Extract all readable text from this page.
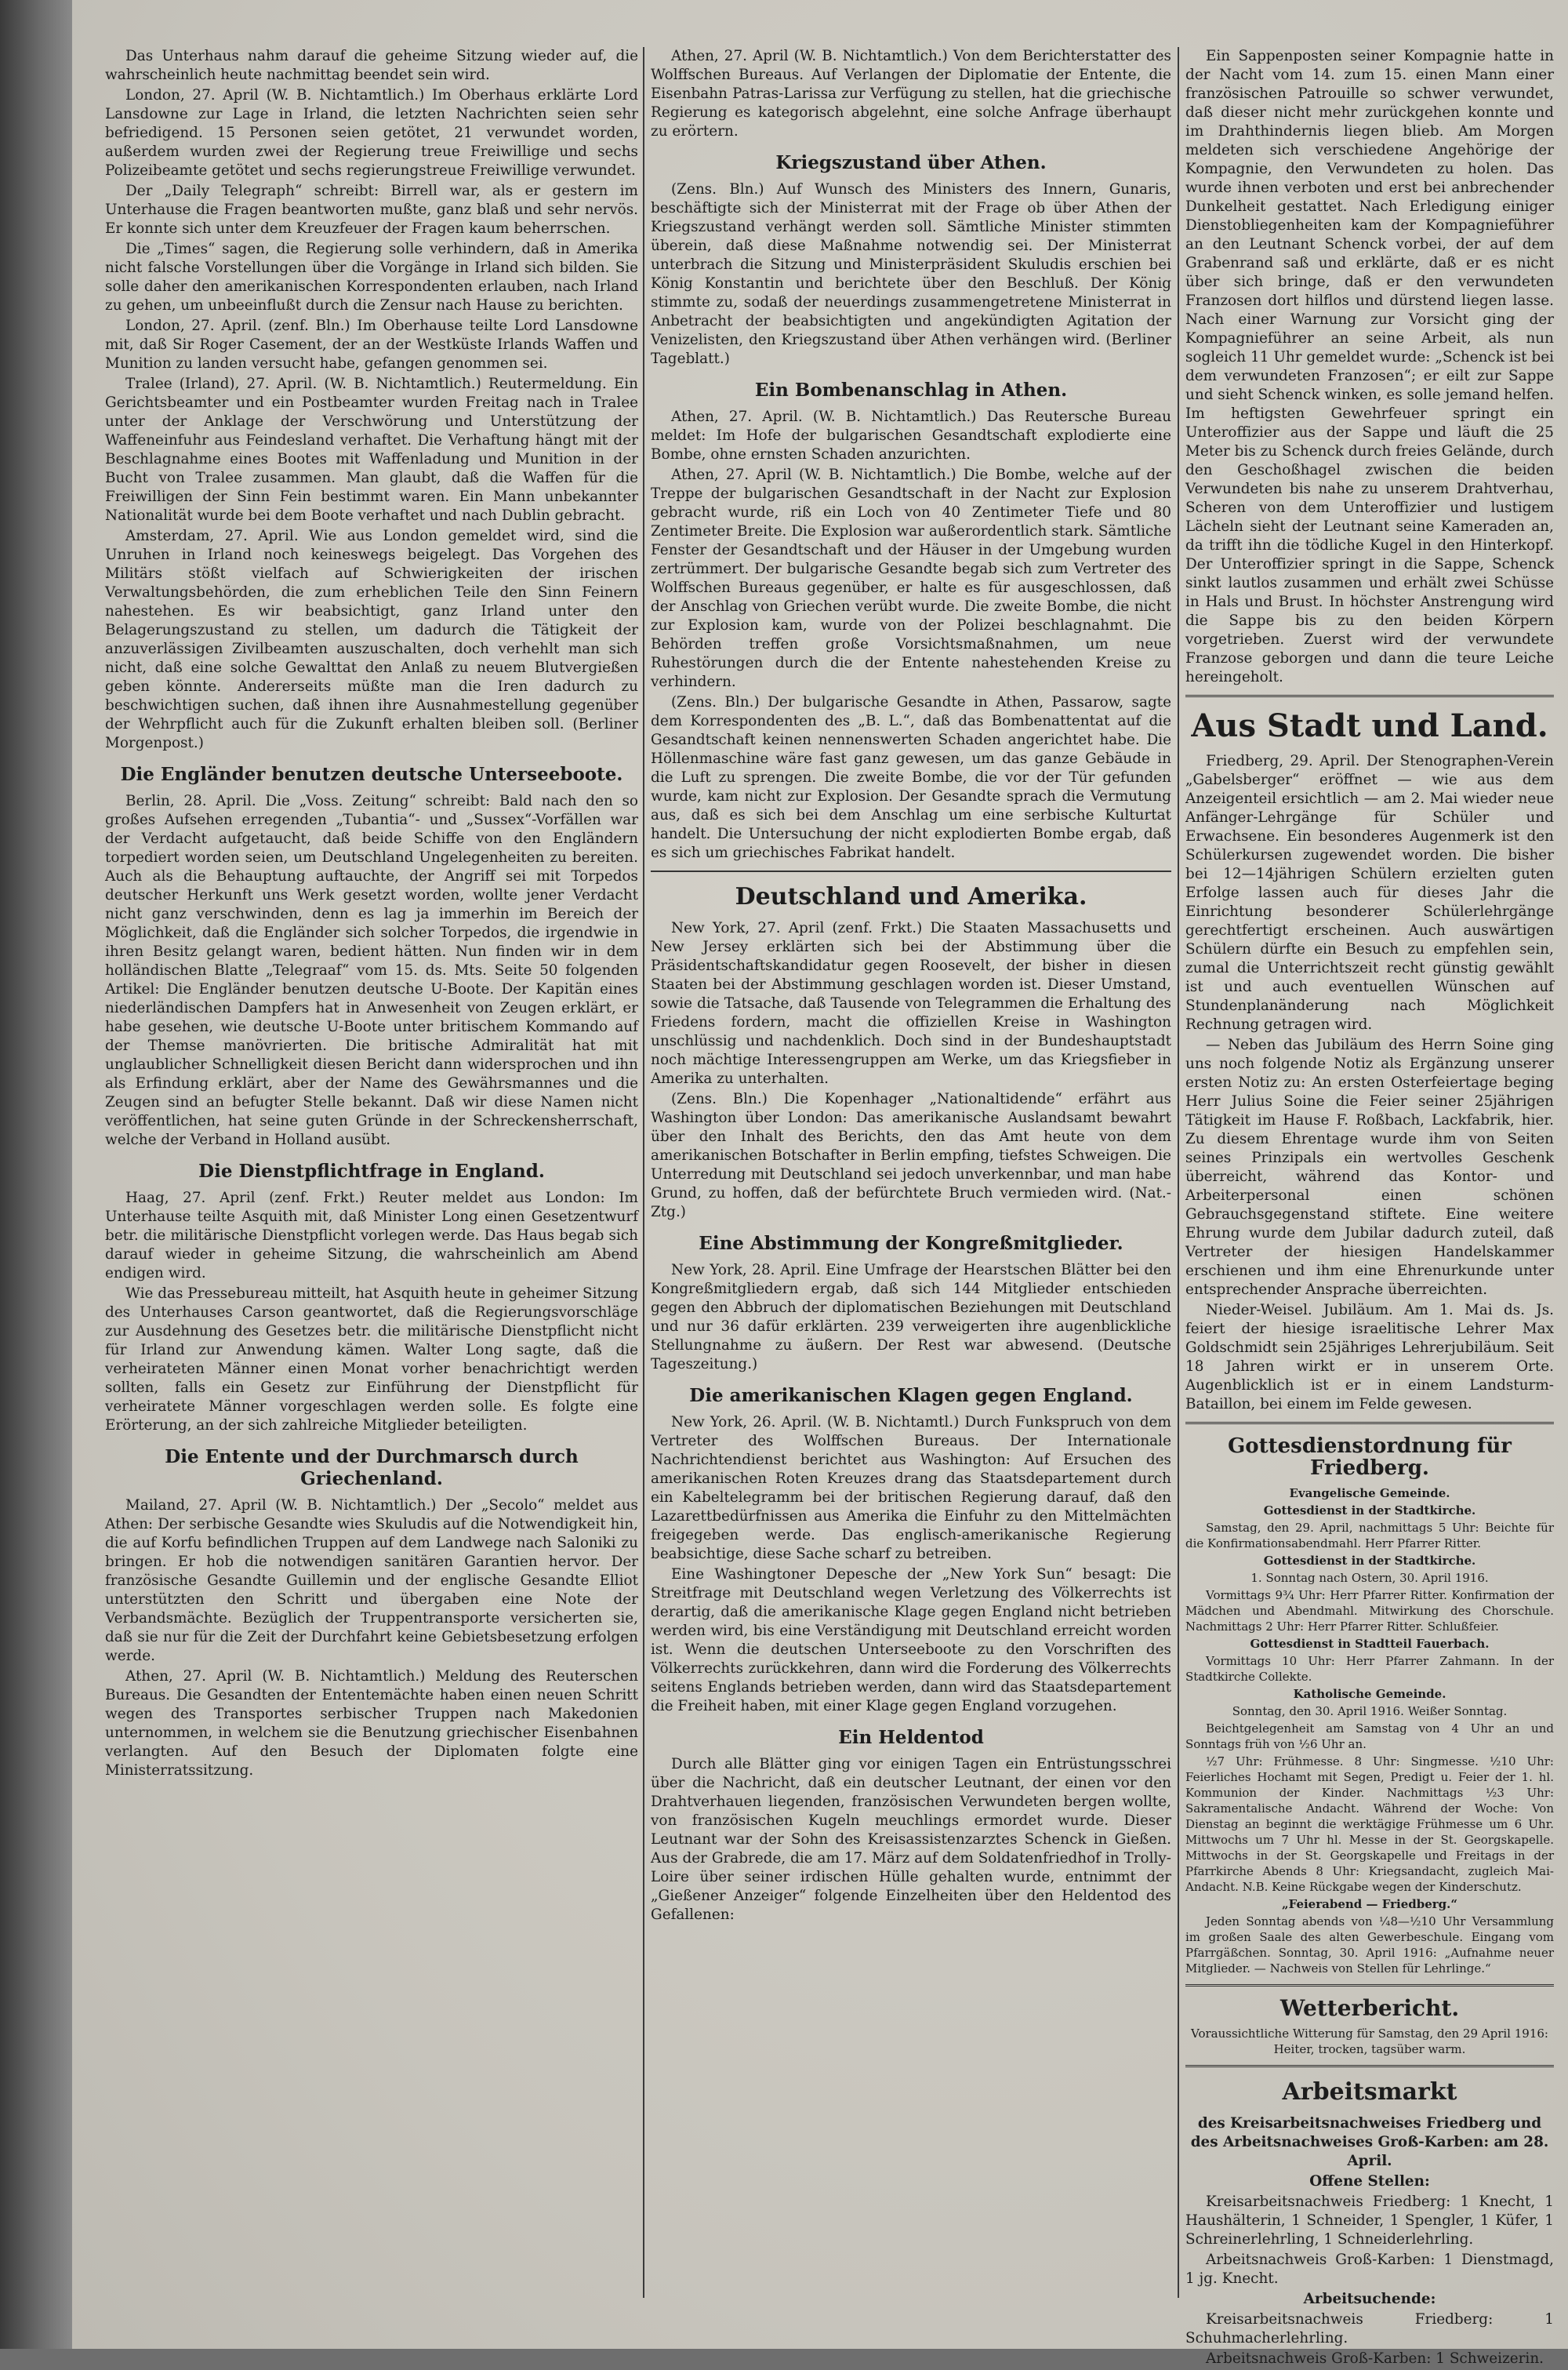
Das Unterhaus nahm darauf die geheime Sitzung wieder auf, die wahrscheinlich heute nachmittag beendet sein wird.

London, 27. April (W. B. Nichtamtlich.) Im Oberhaus erklärte Lord Lansdowne zur Lage in Irland, die letzten Nachrichten seien sehr befriedigend. 15 Personen seien getötet, 21 verwundet worden, außerdem wurden zwei der Regierung treue Freiwillige und sechs Polizeibeamte getötet und sechs regierungstreue Freiwillige verwundet.

Der „Daily Telegraph“ schreibt: Birrell war, als er gestern im Unterhause die Fragen beantworten mußte, ganz blaß und sehr nervös. Er konnte sich unter dem Kreuzfeuer der Fragen kaum beherrschen.

Die „Times“ sagen, die Regierung solle verhindern, daß in Amerika nicht falsche Vorstellungen über die Vorgänge in Irland sich bilden. Sie solle daher den amerikanischen Korrespondenten erlauben, nach Irland zu gehen, um unbeeinflußt durch die Zensur nach Hause zu berichten.

London, 27. April. (zenf. Bln.) Im Oberhause teilte Lord Lansdowne mit, daß Sir Roger Casement, der an der Westküste Irlands Waffen und Munition zu landen versucht habe, gefangen genommen sei.

Tralee (Irland), 27. April. (W. B. Nichtamtlich.) Reutermeldung. Ein Gerichtsbeamter und ein Postbeamter wurden Freitag nach in Tralee unter der Anklage der Verschwörung und Unterstützung der Waffeneinfuhr aus Feindesland verhaftet. Die Verhaftung hängt mit der Beschlagnahme eines Bootes mit Waffenladung und Munition in der Bucht von Tralee zusammen. Man glaubt, daß die Waffen für die Freiwilligen der Sinn Fein bestimmt waren. Ein Mann unbekannter Nationalität wurde bei dem Boote verhaftet und nach Dublin gebracht.

Amsterdam, 27. April. Wie aus London gemeldet wird, sind die Unruhen in Irland noch keineswegs beigelegt. Das Vorgehen des Militärs stößt vielfach auf Schwierigkeiten der irischen Verwaltungsbehörden, die zum erheblichen Teile den Sinn Feinern nahestehen. Es wir beabsichtigt, ganz Irland unter den Belagerungszustand zu stellen, um dadurch die Tätigkeit der anzuverlässigen Zivilbeamten auszuschalten, doch verhehlt man sich nicht, daß eine solche Gewalttat den Anlaß zu neuem Blutvergießen geben könnte. Andererseits müßte man die Iren dadurch zu beschwichtigen suchen, daß ihnen ihre Ausnahmestellung gegenüber der Wehrpflicht auch für die Zukunft erhalten bleiben soll. (Berliner Morgenpost.)

Die Engländer benutzen deutsche Unterseeboote.

Berlin, 28. April. Die „Voss. Zeitung“ schreibt: Bald nach den so großes Aufsehen erregenden „Tubantia“- und „Sussex“-Vorfällen war der Verdacht aufgetaucht, daß beide Schiffe von den Engländern torpediert worden seien, um Deutschland Ungelegenheiten zu bereiten. Auch als die Behauptung auftauchte, der Angriff sei mit Torpedos deutscher Herkunft uns Werk gesetzt worden, wollte jener Verdacht nicht ganz verschwinden, denn es lag ja immerhin im Bereich der Möglichkeit, daß die Engländer sich solcher Torpedos, die irgendwie in ihren Besitz gelangt waren, bedient hätten. Nun finden wir in dem holländischen Blatte „Telegraaf“ vom 15. ds. Mts. Seite 50 folgenden Artikel: Die Engländer benutzen deutsche U-Boote. Der Kapitän eines niederländischen Dampfers hat in Anwesenheit von Zeugen erklärt, er habe gesehen, wie deutsche U-Boote unter britischem Kommando auf der Themse manövrierten. Die britische Admiralität hat mit unglaublicher Schnelligkeit diesen Bericht dann widersprochen und ihn als Erfindung erklärt, aber der Name des Gewährsmannes und die Zeugen sind an befugter Stelle bekannt. Daß wir diese Namen nicht veröffentlichen, hat seine guten Gründe in der Schreckensherrschaft, welche der Verband in Holland ausübt.

Die Dienstpflichtfrage in England.

Haag, 27. April (zenf. Frkt.) Reuter meldet aus London: Im Unterhause teilte Asquith mit, daß Minister Long einen Gesetzentwurf betr. die militärische Dienstpflicht vorlegen werde. Das Haus begab sich darauf wieder in geheime Sitzung, die wahrscheinlich am Abend endigen wird.

Wie das Pressebureau mitteilt, hat Asquith heute in geheimer Sitzung des Unterhauses Carson geantwortet, daß die Regierungsvorschläge zur Ausdehnung des Gesetzes betr. die militärische Dienstpflicht nicht für Irland zur Anwendung kämen. Walter Long sagte, daß die verheirateten Männer einen Monat vorher benachrichtigt werden sollten, falls ein Gesetz zur Einführung der Dienstpflicht für verheiratete Männer vorgeschlagen werden solle. Es folgte eine Erörterung, an der sich zahlreiche Mitglieder beteiligten.

Die Entente und der Durchmarsch durch Griechenland.

Mailand, 27. April (W. B. Nichtamtlich.) Der „Secolo“ meldet aus Athen: Der serbische Gesandte wies Skuludis auf die Notwendigkeit hin, die auf Korfu befindlichen Truppen auf dem Landwege nach Saloniki zu bringen. Er hob die notwendigen sanitären Garantien hervor. Der französische Gesandte Guillemin und der englische Gesandte Elliot unterstützten den Schritt und übergaben eine Note der Verbandsmächte. Bezüglich der Truppentransporte versicherten sie, daß sie nur für die Zeit der Durchfahrt keine Gebietsbesetzung erfolgen werde.

Athen, 27. April (W. B. Nichtamtlich.) Meldung des Reuterschen Bureaus. Die Gesandten der Ententemächte haben einen neuen Schritt wegen des Transportes serbischer Truppen nach Makedonien unternommen, in welchem sie die Benutzung griechischer Eisenbahnen verlangten. Auf den Besuch der Diplomaten folgte eine Ministerratssitzung.

Athen, 27. April (W. B. Nichtamtlich.) Von dem Berichterstatter des Wolffschen Bureaus. Auf Verlangen der Diplomatie der Entente, die Eisenbahn Patras-Larissa zur Verfügung zu stellen, hat die griechische Regierung es kategorisch abgelehnt, eine solche Anfrage überhaupt zu erörtern.

Kriegszustand über Athen.

(Zens. Bln.) Auf Wunsch des Ministers des Innern, Gunaris, beschäftigte sich der Ministerrat mit der Frage ob über Athen der Kriegszustand verhängt werden soll. Sämtliche Minister stimmten überein, daß diese Maßnahme notwendig sei. Der Ministerrat unterbrach die Sitzung und Ministerpräsident Skuludis erschien bei König Konstantin und berichtete über den Beschluß. Der König stimmte zu, sodaß der neuerdings zusammengetretene Ministerrat in Anbetracht der beabsichtigten und angekündigten Agitation der Venizelisten, den Kriegszustand über Athen verhängen wird. (Berliner Tageblatt.)

Ein Bombenanschlag in Athen.

Athen, 27. April. (W. B. Nichtamtlich.) Das Reutersche Bureau meldet: Im Hofe der bulgarischen Gesandtschaft explodierte eine Bombe, ohne ernsten Schaden anzurichten.

Athen, 27. April (W. B. Nichtamtlich.) Die Bombe, welche auf der Treppe der bulgarischen Gesandtschaft in der Nacht zur Explosion gebracht wurde, riß ein Loch von 40 Zentimeter Tiefe und 80 Zentimeter Breite. Die Explosion war außerordentlich stark. Sämtliche Fenster der Gesandtschaft und der Häuser in der Umgebung wurden zertrümmert. Der bulgarische Gesandte begab sich zum Vertreter des Wolffschen Bureaus gegenüber, er halte es für ausgeschlossen, daß der Anschlag von Griechen verübt wurde. Die zweite Bombe, die nicht zur Explosion kam, wurde von der Polizei beschlagnahmt. Die Behörden treffen große Vorsichtsmaßnahmen, um neue Ruhestörungen durch die der Entente nahestehenden Kreise zu verhindern.

(Zens. Bln.) Der bulgarische Gesandte in Athen, Passarow, sagte dem Korrespondenten des „B. L.“, daß das Bombenattentat auf die Gesandtschaft keinen nennenswerten Schaden angerichtet habe. Die Höllenmaschine wäre fast ganz gewesen, um das ganze Gebäude in die Luft zu sprengen. Die zweite Bombe, die vor der Tür gefunden wurde, kam nicht zur Explosion. Der Gesandte sprach die Vermutung aus, daß es sich bei dem Anschlag um eine serbische Kulturtat handelt. Die Untersuchung der nicht explodierten Bombe ergab, daß es sich um griechisches Fabrikat handelt.

Deutschland und Amerika.

New York, 27. April (zenf. Frkt.) Die Staaten Massachusetts und New Jersey erklärten sich bei der Abstimmung über die Präsidentschaftskandidatur gegen Roosevelt, der bisher in diesen Staaten bei der Abstimmung geschlagen worden ist. Dieser Umstand, sowie die Tatsache, daß Tausende von Telegrammen die Erhaltung des Friedens fordern, macht die offiziellen Kreise in Washington unschlüssig und nachdenklich. Doch sind in der Bundeshauptstadt noch mächtige Interessengruppen am Werke, um das Kriegsfieber in Amerika zu unterhalten.

(Zens. Bln.) Die Kopenhager „Nationaltidende“ erfährt aus Washington über London: Das amerikanische Auslandsamt bewahrt über den Inhalt des Berichts, den das Amt heute von dem amerikanischen Botschafter in Berlin empfing, tiefstes Schweigen. Die Unterredung mit Deutschland sei jedoch unverkennbar, und man habe Grund, zu hoffen, daß der befürchtete Bruch vermieden wird. (Nat.-Ztg.)

Eine Abstimmung der Kongreßmitglieder.

New York, 28. April. Eine Umfrage der Hearstschen Blätter bei den Kongreßmitgliedern ergab, daß sich 144 Mitglieder entschieden gegen den Abbruch der diplomatischen Beziehungen mit Deutschland und nur 36 dafür erklärten. 239 verweigerten ihre augenblickliche Stellungnahme zu äußern. Der Rest war abwesend. (Deutsche Tageszeitung.)

Die amerikanischen Klagen gegen England.

New York, 26. April. (W. B. Nichtamtl.) Durch Funkspruch von dem Vertreter des Wolffschen Bureaus. Der Internationale Nachrichtendienst berichtet aus Washington: Auf Ersuchen des amerikanischen Roten Kreuzes drang das Staatsdepartement durch ein Kabeltelegramm bei der britischen Regierung darauf, daß den Lazarettbedürfnissen aus Amerika die Einfuhr zu den Mittelmächten freigegeben werde. Das englisch-amerikanische Regierung beabsichtige, diese Sache scharf zu betreiben.

Eine Washingtoner Depesche der „New York Sun“ besagt: Die Streitfrage mit Deutschland wegen Verletzung des Völkerrechts ist derartig, daß die amerikanische Klage gegen England nicht betrieben werden wird, bis eine Verständigung mit Deutschland erreicht worden ist. Wenn die deutschen Unterseeboote zu den Vorschriften des Völkerrechts zurückkehren, dann wird die Forderung des Völkerrechts seitens Englands betrieben werden, dann wird das Staatsdepartement die Freiheit haben, mit einer Klage gegen England vorzugehen.

Ein Heldentod

Durch alle Blätter ging vor einigen Tagen ein Entrüstungsschrei über die Nachricht, daß ein deutscher Leutnant, der einen vor den Drahtverhauen liegenden, französischen Verwundeten bergen wollte, von französischen Kugeln meuchlings ermordet wurde. Dieser Leutnant war der Sohn des Kreisassistenzarztes Schenck in Gießen. Aus der Grabrede, die am 17. März auf dem Soldatenfriedhof in Trolly-Loire über seiner irdischen Hülle gehalten wurde, entnimmt der „Gießener Anzeiger“ folgende Einzelheiten über den Heldentod des Gefallenen:

Ein Sappenposten seiner Kompagnie hatte in der Nacht vom 14. zum 15. einen Mann einer französischen Patrouille so schwer verwundet, daß dieser nicht mehr zurückgehen konnte und im Drahthindernis liegen blieb. Am Morgen meldeten sich verschiedene Angehörige der Kompagnie, den Verwundeten zu holen. Das wurde ihnen verboten und erst bei anbrechender Dunkelheit gestattet. Nach Erledigung einiger Dienstobliegenheiten kam der Kompagnieführer an den Leutnant Schenck vorbei, der auf dem Grabenrand saß und erklärte, daß er es nicht über sich bringe, daß er den verwundeten Franzosen dort hilflos und dürstend liegen lasse. Nach einer Warnung zur Vorsicht ging der Kompagnieführer an seine Arbeit, als nun sogleich 11 Uhr gemeldet wurde: „Schenck ist bei dem verwundeten Franzosen“; er eilt zur Sappe und sieht Schenck winken, es solle jemand helfen. Im heftigsten Gewehrfeuer springt ein Unteroffizier aus der Sappe und läuft die 25 Meter bis zu Schenck durch freies Gelände, durch den Geschoßhagel zwischen die beiden Verwundeten bis nahe zu unserem Drahtverhau, Scheren von dem Unteroffizier und lustigem Lächeln sieht der Leutnant seine Kameraden an, da trifft ihn die tödliche Kugel in den Hinterkopf. Der Unteroffizier springt in die Sappe, Schenck sinkt lautlos zusammen und erhält zwei Schüsse in Hals und Brust. In höchster Anstrengung wird die Sappe bis zu den beiden Körpern vorgetrieben. Zuerst wird der verwundete Franzose geborgen und dann die teure Leiche hereingeholt.

Aus Stadt und Land.

Friedberg, 29. April. Der Stenographen-Verein „Gabelsberger“ eröffnet — wie aus dem Anzeigenteil ersichtlich — am 2. Mai wieder neue Anfänger-Lehrgänge für Schüler und Erwachsene. Ein besonderes Augenmerk ist den Schülerkursen zugewendet worden. Die bisher bei 12—14jährigen Schülern erzielten guten Erfolge lassen auch für dieses Jahr die Einrichtung besonderer Schülerlehrgänge gerechtfertigt erscheinen. Auch auswärtigen Schülern dürfte ein Besuch zu empfehlen sein, zumal die Unterrichtszeit recht günstig gewählt ist und auch eventuellen Wünschen auf Stundenplanänderung nach Möglichkeit Rechnung getragen wird.

— Neben das Jubiläum des Herrn Soine ging uns noch folgende Notiz als Ergänzung unserer ersten Notiz zu: An ersten Osterfeiertage beging Herr Julius Soine die Feier seiner 25jährigen Tätigkeit im Hause F. Roßbach, Lackfabrik, hier. Zu diesem Ehrentage wurde ihm von Seiten seines Prinzipals ein wertvolles Geschenk überreicht, während das Kontor- und Arbeiterpersonal einen schönen Gebrauchsgegenstand stiftete. Eine weitere Ehrung wurde dem Jubilar dadurch zuteil, daß Vertreter der hiesigen Handelskammer erschienen und ihm eine Ehrenurkunde unter entsprechender Ansprache überreichten.

Nieder-Weisel. Jubiläum. Am 1. Mai ds. Js. feiert der hiesige israelitische Lehrer Max Goldschmidt sein 25jähriges Lehrerjubiläum. Seit 18 Jahren wirkt er in unserem Orte. Augenblicklich ist er in einem Landsturm-Bataillon, bei einem im Felde gewesen.

Gottesdienstordnung für Friedberg.

Evangelische Gemeinde.

Gottesdienst in der Stadtkirche.

Samstag, den 29. April, nachmittags 5 Uhr: Beichte für die Konfirmationsabendmahl. Herr Pfarrer Ritter.

Gottesdienst in der Stadtkirche.

1. Sonntag nach Ostern, 30. April 1916.

Vormittags 9¾ Uhr: Herr Pfarrer Ritter. Konfirmation der Mädchen und Abendmahl. Mitwirkung des Chorschule. Nachmittags 2 Uhr: Herr Pfarrer Ritter. Schlußfeier.

Gottesdienst in Stadtteil Fauerbach.

Vormittags 10 Uhr: Herr Pfarrer Zahmann. In der Stadtkirche Collekte.

Katholische Gemeinde.

Sonntag, den 30. April 1916. Weißer Sonntag.

Beichtgelegenheit am Samstag von 4 Uhr an und Sonntags früh von ½6 Uhr an.

½7 Uhr: Frühmesse. 8 Uhr: Singmesse. ½10 Uhr: Feierliches Hochamt mit Segen, Predigt u. Feier der 1. hl. Kommunion der Kinder. Nachmittags ½3 Uhr: Sakramentalische Andacht. Während der Woche: Von Dienstag an beginnt die werktägige Frühmesse um 6 Uhr. Mittwochs um 7 Uhr hl. Messe in der St. Georgskapelle. Mittwochs in der St. Georgskapelle und Freitags in der Pfarrkirche Abends 8 Uhr: Kriegsandacht, zugleich Mai-Andacht. N.B. Keine Rückgabe wegen der Kinderschutz.

„Feierabend — Friedberg.“

Jeden Sonntag abends von ¼8—½10 Uhr Versammlung im großen Saale des alten Gewerbeschule. Eingang vom Pfarrgäßchen. Sonntag, 30. April 1916: „Aufnahme neuer Mitglieder. — Nachweis von Stellen für Lehrlinge.“

Wetterbericht.

Voraussichtliche Witterung für Samstag, den 29 April 1916: Heiter, trocken, tagsüber warm.

Arbeitsmarkt

des Kreisarbeitsnachweises Friedberg und des Arbeitsnachweises Groß-Karben: am 28. April.

Offene Stellen:

Kreisarbeitsnachweis Friedberg: 1 Knecht, 1 Haushälterin, 1 Schneider, 1 Spengler, 1 Küfer, 1 Schreinerlehrling, 1 Schneiderlehrling.

Arbeitsnachweis Groß-Karben: 1 Dienstmagd, 1 jg. Knecht.

Arbeitsuchende:

Kreisarbeitsnachweis Friedberg: 1 Schuhmacherlehrling.

Arbeitsnachweis Groß-Karben: 1 Schweizerin.
